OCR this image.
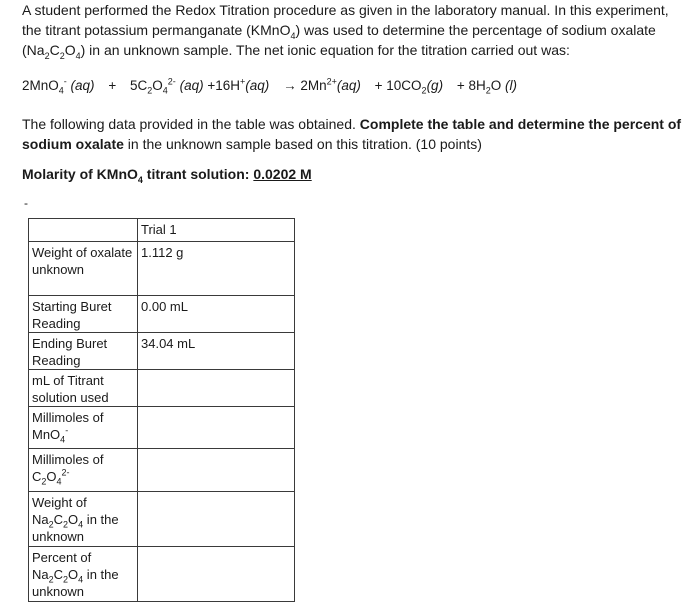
A student performed the Redox Titration procedure as given in the laboratory manual. In this experiment,
the titrant potassium permanganate (KMnO$_4$) was used to determine the percentage of sodium oxalate
$(Na_2C_2O_4)$ in an unknown sample. The net ionic equation for the titration carried out was:
2MnO$_4$- $(aq) + 5C_2O_4^{2-}$ $(aq) +16H^+(aq) \to 2Mn^{2+}(aq) + 10CO_2(g) + 8H_2O$ (l)
The following data provided in the table was obtained. Complete the table and determine the percent of sodium oxalate in the unknown sample based on this titration. (10 points)
Molarity of KMnO$_4$ titrant solution: 0.0202 M
-
	Trial 1
Weight of oxalate unknown	1.112 g
Starting Buret Reading	0.00 mL
Ending Buret Reading	34.04 mL
mL of Titrant solution used	
Millimoles of MnO$_4$-	
Millimoles of $C_2O_4^{2-}$	
Weight of $Na_2C_2O_4$ in the unknown	
Percent of $Na_2C_2O_4$ in the unknown	
